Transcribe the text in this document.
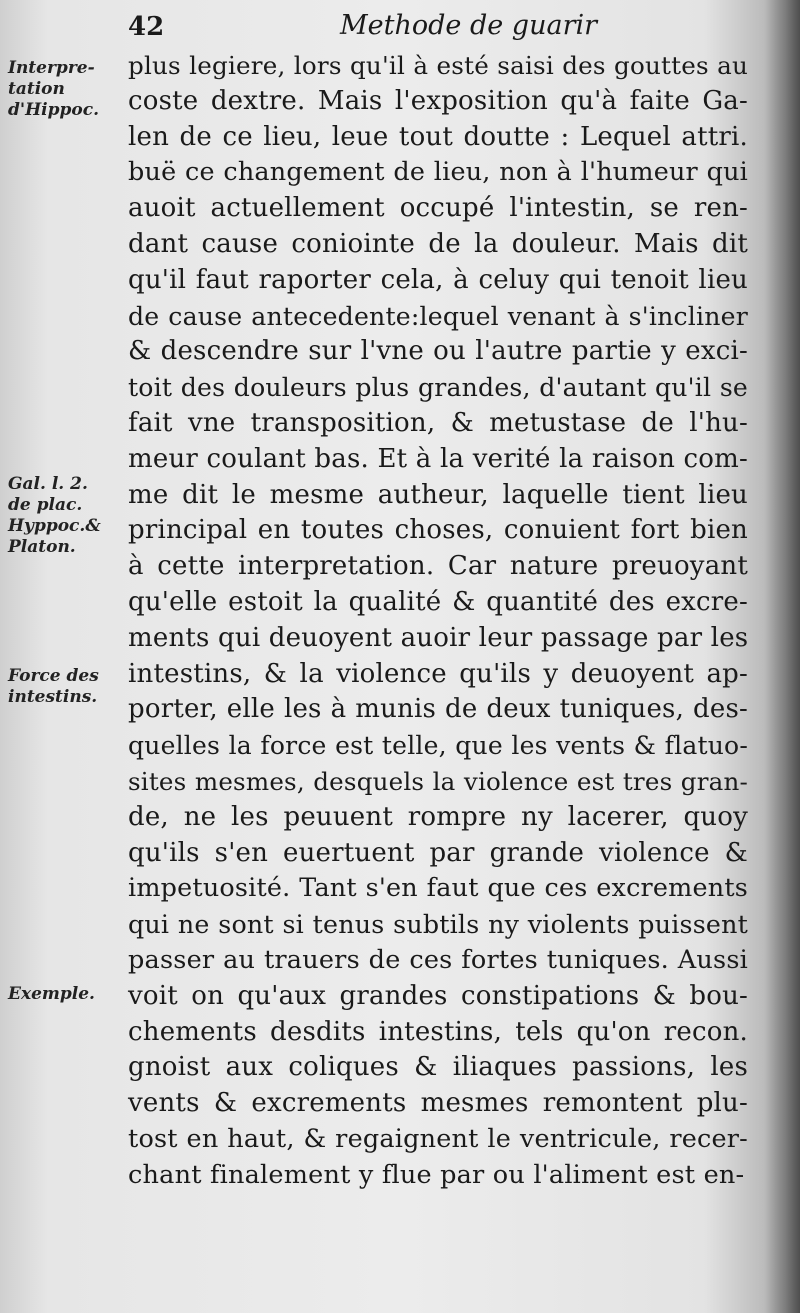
42	Methode de guarir
Interpre-
tation
d'Hippoc.
Gal. l. 2.
de plac.
Hyppoc.&
Platon.
Force des
intestins.
Exemple.
plus legiere, lors qu'il à esté saisi des gouttes au
coste dextre. Mais l'exposition qu'à faite Ga-
len de ce lieu, leue tout doutte : Lequel attri.
buë ce changement de lieu, non à l'humeur qui
auoit actuellement occupé l'intestin, se ren-
dant cause coniointe de la douleur. Mais dit
qu'il faut raporter cela, à celuy qui tenoit lieu
de cause antecedente:lequel venant à s'incliner
& descendre sur l'vne ou l'autre partie y exci-
toit des douleurs plus grandes, d'autant qu'il se
fait vne transposition, & metustase de l'hu-
meur coulant bas. Et à la verité la raison com-
me dit le mesme autheur, laquelle tient lieu
principal en toutes choses, conuient fort bien
à cette interpretation. Car nature preuoyant
qu'elle estoit la qualité & quantité des excre-
ments qui deuoyent auoir leur passage par les
intestins, & la violence qu'ils y deuoyent ap-
porter, elle les à munis de deux tuniques, des-
quelles la force est telle, que les vents & flatuo-
sites mesmes, desquels la violence est tres gran-
de, ne les peuuent rompre ny lacerer, quoy
qu'ils s'en euertuent par grande violence &
impetuosité. Tant s'en faut que ces excrements
qui ne sont si tenus subtils ny violents puissent
passer au trauers de ces fortes tuniques. Aussi
voit on qu'aux grandes constipations & bou-
chements desdits intestins, tels qu'on recon.
gnoist aux coliques & iliaques passions, les
vents & excrements mesmes remontent plu-
tost en haut, & regaignent le ventricule, recer-
chant finalement y flue par ou l'aliment est en-
